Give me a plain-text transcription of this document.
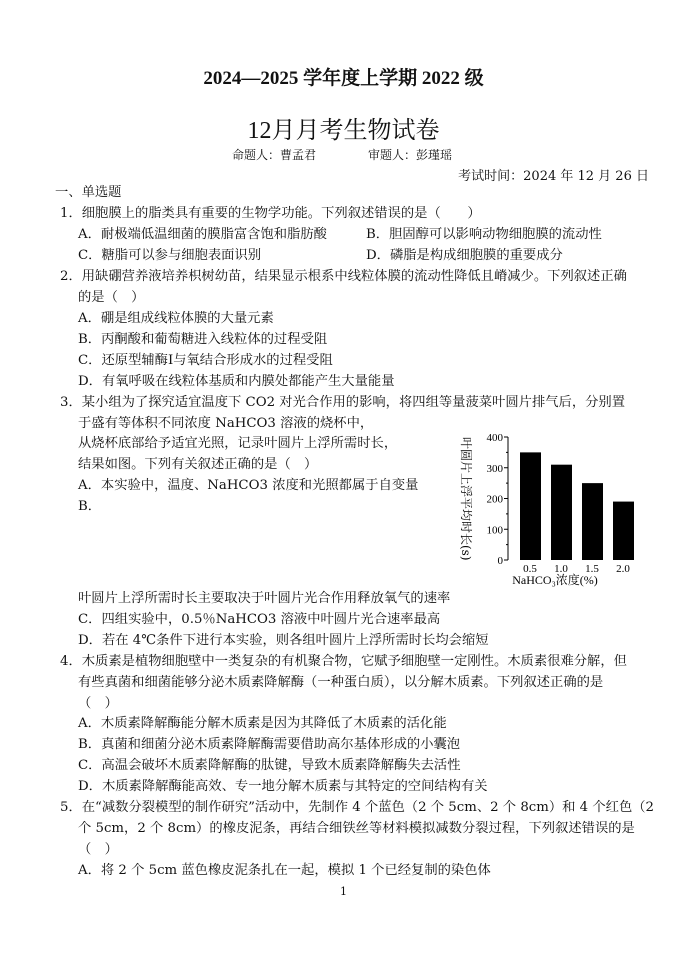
2024—2025 学年度上学期 2022 级
12月月考生物试卷
命题人：曹孟君	审题人：彭瑾瑶
考试时间：2024 年 12 月 26 日
一、单选题
1．细胞膜上的脂类具有重要的生物学功能。下列叙述错误的是（　　）
A．耐极端低温细菌的膜脂富含饱和脂肪酸	B．胆固醇可以影响动物细胞膜的流动性
C．糖脂可以参与细胞表面识别	D．磷脂是构成细胞膜的重要成分
2．用缺硼营养液培养枳树幼苗，结果显示根系中线粒体膜的流动性降低且嵴减少。下列叙述正确
的是（　）
A．硼是组成线粒体膜的大量元素
B．丙酮酸和葡萄糖进入线粒体的过程受阻
C．还原型辅酶Ⅰ与氧结合形成水的过程受阻
D．有氧呼吸在线粒体基质和内膜处都能产生大量能量
3．某小组为了探究适宜温度下 CO2 对光合作用的影响，将四组等量菠菜叶圆片排气后，分别置
于盛有等体积不同浓度 NaHCO3 溶液的烧杯中，
从烧杯底部给予适宜光照，记录叶圆片上浮所需时长，
结果如图。下列有关叙述正确的是（　）
A．本实验中，温度、NaHCO3 浓度和光照都属于自变量
B．
叶圆片上浮所需时长主要取决于叶圆片光合作用释放氧气的速率
C．四组实验中，0.5％NaHCO3 溶液中叶圆片光合速率最高
D．若在 4℃条件下进行本实验，则各组叶圆片上浮所需时长均会缩短
0
100
200
300
400
0.5 1.0 1.5 2.0
NaHCO₃浓度(%)
叶圆片上浮平均时长(s)
4．木质素是植物细胞壁中一类复杂的有机聚合物，它赋予细胞壁一定刚性。木质素很难分解，但
有些真菌和细菌能够分泌木质素降解酶（一种蛋白质），以分解木质素。下列叙述正确的是
（　）
A．木质素降解酶能分解木质素是因为其降低了木质素的活化能
B．真菌和细菌分泌木质素降解酶需要借助高尔基体形成的小囊泡
C．高温会破坏木质素降解酶的肽键，导致木质素降解酶失去活性
D．木质素降解酶能高效、专一地分解木质素与其特定的空间结构有关
5．在“减数分裂模型的制作研究”活动中，先制作 4 个蓝色（2 个 5cm、2 个 8cm）和 4 个红色（2
个 5cm，2 个 8cm）的橡皮泥条，再结合细铁丝等材料模拟减数分裂过程，下列叙述错误的是
（　）
A．将 2 个 5cm 蓝色橡皮泥条扎在一起，模拟 1 个已经复制的染色体
1
